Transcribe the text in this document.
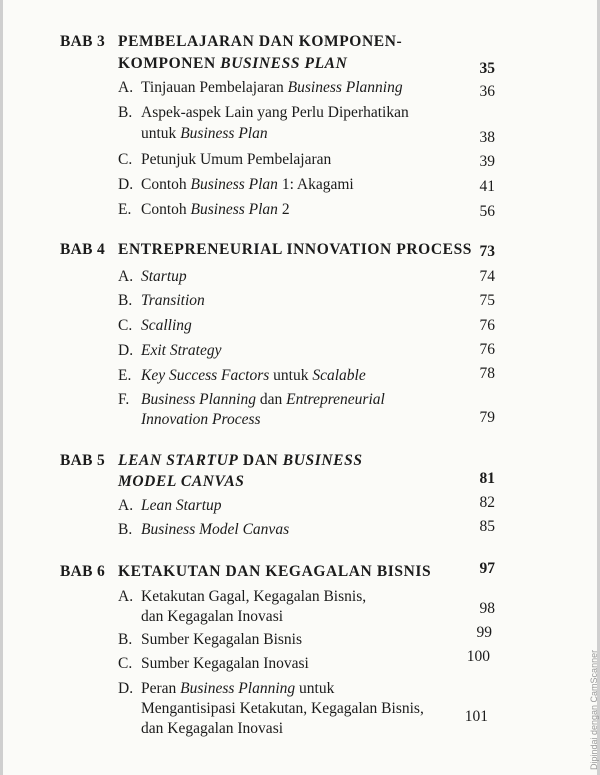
BAB 3 PEMBELAJARAN DAN KOMPONEN-
KOMPONEN BUSINESS PLAN	35
A. Tinjauan Pembelajaran Business Planning	36
B. Aspek-aspek Lain yang Perlu Diperhatikan
untuk Business Plan	38
C. Petunjuk Umum Pembelajaran	39
D. Contoh Business Plan 1: Akagami	41
E. Contoh Business Plan 2	56
BAB 4 ENTREPRENEURIAL INNOVATION PROCESS 73
A. Startup	74
B. Transition	75
C. Scalling	76
D. Exit Strategy	76
E. Key Success Factors untuk Scalable	78
F. Business Planning dan Entrepreneurial
Innovation Process	79
BAB 5 LEAN STARTUP DAN BUSINESS
MODEL CANVAS	81
A. Lean Startup	82
B. Business Model Canvas	85
BAB 6 KETAKUTAN DAN KEGAGALAN BISNIS	97
A. Ketakutan Gagal, Kegagalan Bisnis,
dan Kegagalan Inovasi	98
B. Sumber Kegagalan Bisnis	99
C. Sumber Kegagalan Inovasi	100
D. Peran Business Planning untuk
Mengantisipasi Ketakutan, Kegagalan Bisnis,
dan Kegagalan Inovasi
101	Dipindai dengan CamScanner
